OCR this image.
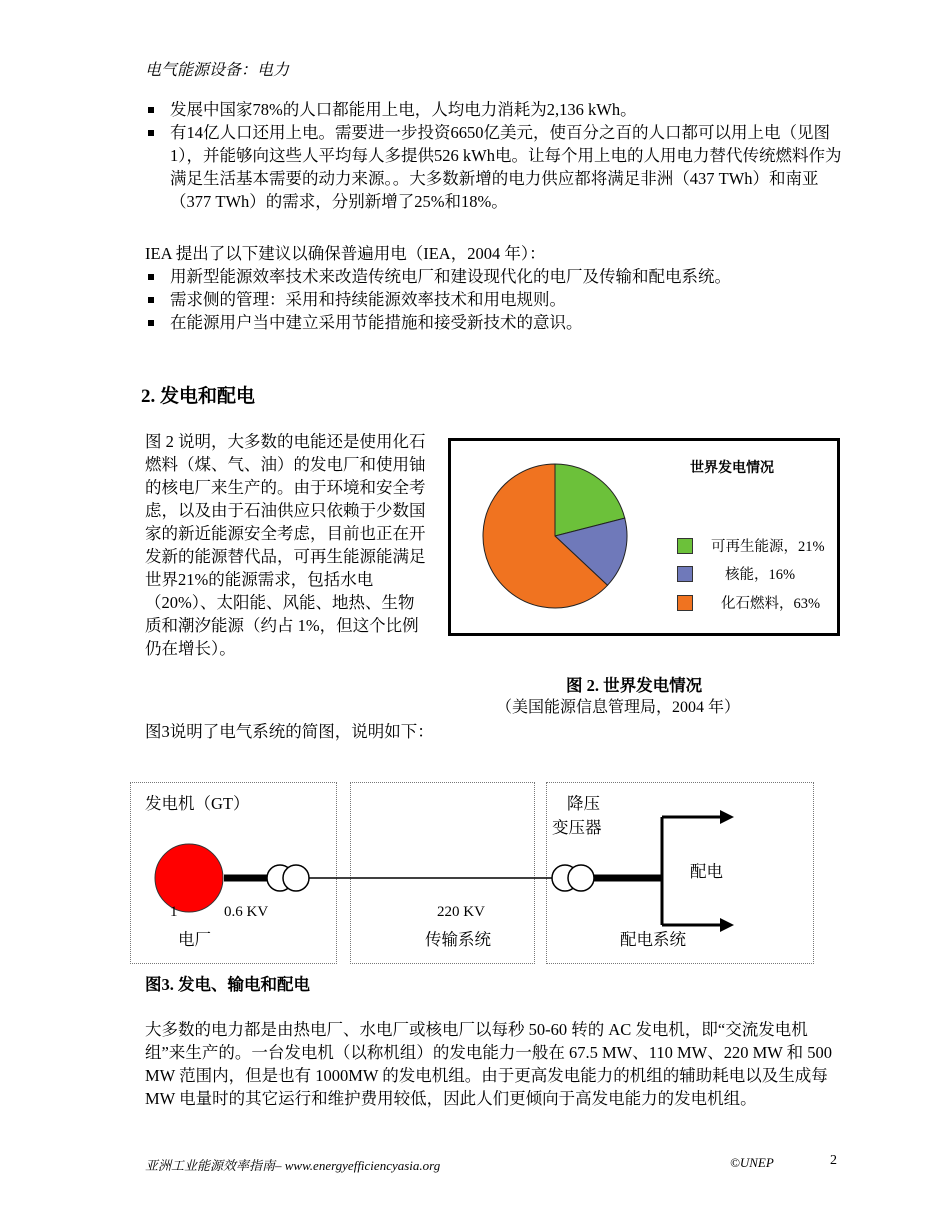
电气能源设备：电力
发展中国家78%的人口都能用上电，人均电力消耗为2,136 kWh。
有14亿人口还用上电。需要进一步投资6650亿美元，使百分之百的人口都可以用上电（见图1），并能够向这些人平均每人多提供526 kWh电。让每个用上电的人用电力替代传统燃料作为满足生活基本需要的动力来源。。大多数新增的电力供应都将满足非洲（437 TWh）和南亚（377 TWh）的需求，分别新增了25%和18%。
IEA 提出了以下建议以确保普遍用电（IEA，2004 年）：
用新型能源效率技术来改造传统电厂和建设现代化的电厂及传输和配电系统。
需求侧的管理：采用和持续能源效率技术和用电规则。
在能源用户当中建立采用节能措施和接受新技术的意识。
2. 发电和配电
图 2 说明，大多数的电能还是使用化石燃料（煤、气、油）的发电厂和使用铀的核电厂来生产的。由于环境和安全考虑，以及由于石油供应只依赖于少数国家的新近能源安全考虑，目前也正在开发新的能源替代品，可再生能源能满足世界21%的能源需求，包括水电（20%）、太阳能、风能、地热、生物质和潮汐能源（约占 1%，但这个比例仍在增长）。
图3说明了电气系统的简图，说明如下：
世界发电情况
可再生能源，21%
核能，16%
化石燃料，63%
图 2. 世界发电情况
（美国能源信息管理局，2004 年）
发电机（GT）	降压
变压器
配电
1	0.6 KV
电厂
220 KV
传输系统	配电系统
图3. 发电、输电和配电
大多数的电力都是由热电厂、水电厂或核电厂以每秒 50-60 转的 AC 发电机，即“交流发电机组”来生产的。一台发电机（以称机组）的发电能力一般在 67.5 MW、110 MW、220 MW 和 500 MW 范围内，但是也有 1000MW 的发电机组。由于更高发电能力的机组的辅助耗电以及生成每 MW 电量时的其它运行和维护费用较低，因此人们更倾向于高发电能力的发电机组。
亚洲工业能源效率指南– www.energyefficiencyasia.org	©UNEP	2
